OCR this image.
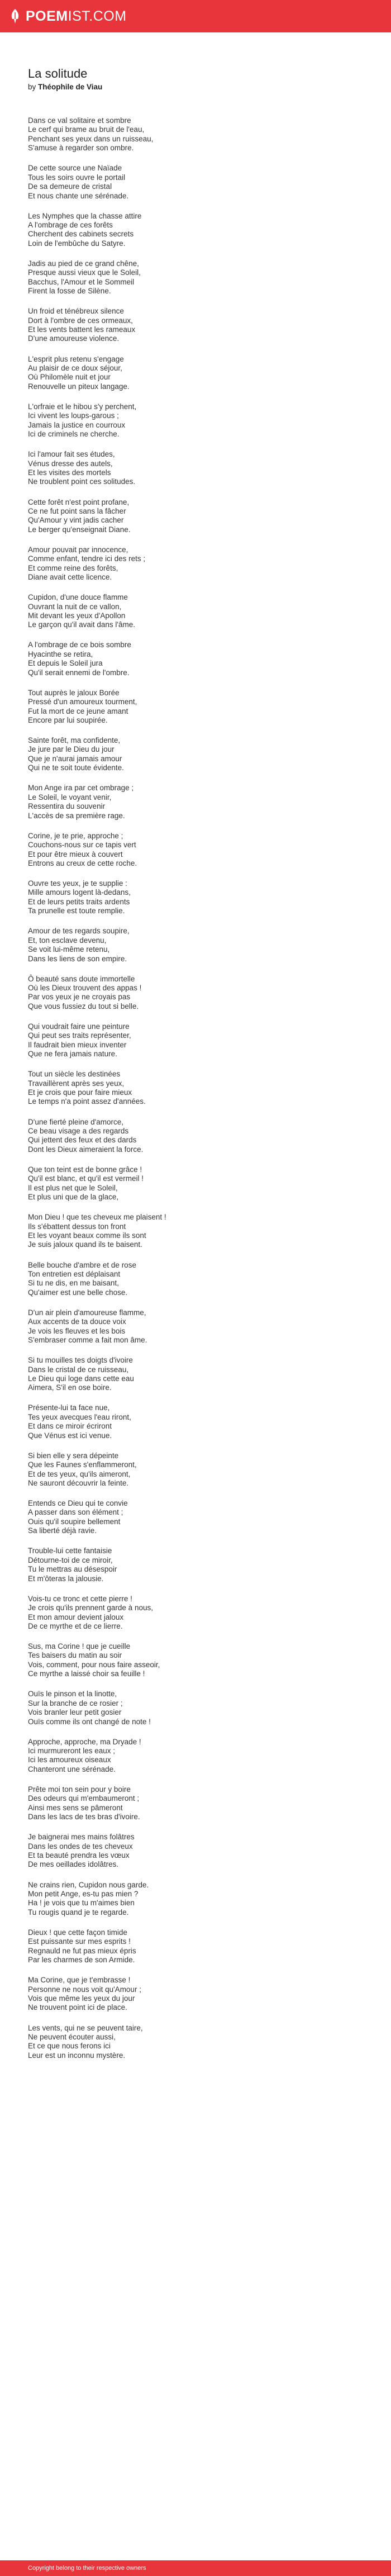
POEMIST.COM
La solitude
by Théophile de Viau
Dans ce val solitaire et sombre
Le cerf qui brame au bruit de l'eau,
Penchant ses yeux dans un ruisseau,
S'amuse à regarder son ombre.
De cette source une Naïade
Tous les soirs ouvre le portail
De sa demeure de cristal
Et nous chante une sérénade.
Les Nymphes que la chasse attire
A l'ombrage de ces forêts
Cherchent des cabinets secrets
Loin de l'embûche du Satyre.
Jadis au pied de ce grand chêne,
Presque aussi vieux que le Soleil,
Bacchus, l'Amour et le Sommeil
Firent la fosse de Silène.
Un froid et ténébreux silence
Dort à l'ombre de ces ormeaux,
Et les vents battent les rameaux
D'une amoureuse violence.
L'esprit plus retenu s'engage
Au plaisir de ce doux séjour,
Où Philomèle nuit et jour
Renouvelle un piteux langage.
L'orfraie et le hibou s'y perchent,
Ici vivent les loups-garous ;
Jamais la justice en courroux
Ici de criminels ne cherche.
Ici l'amour fait ses études,
Vénus dresse des autels,
Et les visites des mortels
Ne troublent point ces solitudes.
Cette forêt n'est point profane,
Ce ne fut point sans la fâcher
Qu'Amour y vint jadis cacher
Le berger qu'enseignait Diane.
Amour pouvait par innocence,
Comme enfant, tendre ici des rets ;
Et comme reine des forêts,
Diane avait cette licence.
Cupidon, d'une douce flamme
Ouvrant la nuit de ce vallon,
Mit devant les yeux d'Apollon
Le garçon qu'il avait dans l'âme.
A l'ombrage de ce bois sombre
Hyacinthe se retira,
Et depuis le Soleil jura
Qu'il serait ennemi de l'ombre.
Tout auprès le jaloux Borée
Pressé d'un amoureux tourment,
Fut la mort de ce jeune amant
Encore par lui soupirée.
Sainte forêt, ma confidente,
Je jure par le Dieu du jour
Que je n'aurai jamais amour
Qui ne te soit toute évidente.
Mon Ange ira par cet ombrage ;
Le Soleil, le voyant venir,
Ressentira du souvenir
L'accès de sa première rage.
Corine, je te prie, approche ;
Couchons-nous sur ce tapis vert
Et pour être mieux à couvert
Entrons au creux de cette roche.
Ouvre tes yeux, je te supplie :
Mille amours logent là-dedans,
Et de leurs petits traits ardents
Ta prunelle est toute remplie.
Amour de tes regards soupire,
Et, ton esclave devenu,
Se voit lui-même retenu,
Dans les liens de son empire.
Ô beauté sans doute immortelle
Où les Dieux trouvent des appas !
Par vos yeux je ne croyais pas
Que vous fussiez du tout si belle.
Qui voudrait faire une peinture
Qui peut ses traits représenter,
Il faudrait bien mieux inventer
Que ne fera jamais nature.
Tout un siècle les destinées
Travaillèrent après ses yeux,
Et je crois que pour faire mieux
Le temps n'a point assez d'années.
D'une fierté pleine d'amorce,
Ce beau visage a des regards
Qui jettent des feux et des dards
Dont les Dieux aimeraient la force.
Que ton teint est de bonne grâce !
Qu'il est blanc, et qu'il est vermeil !
Il est plus net que le Soleil,
Et plus uni que de la glace,
Mon Dieu ! que tes cheveux me plaisent !
Ils s'ébattent dessus ton front
Et les voyant beaux comme ils sont
Je suis jaloux quand ils te baisent.
Belle bouche d'ambre et de rose
Ton entretien est déplaisant
Si tu ne dis, en me baisant,
Qu'aimer est une belle chose.
D'un air plein d'amoureuse flamme,
Aux accents de ta douce voix
Je vois les fleuves et les bois
S'embraser comme a fait mon âme.
Si tu mouilles tes doigts d'ivoire
Dans le cristal de ce ruisseau,
Le Dieu qui loge dans cette eau
Aimera, S'il en ose boire.
Présente-lui ta face nue,
Tes yeux avecques l'eau riront,
Et dans ce miroir écriront
Que Vénus est ici venue.
Si bien elle y sera dépeinte
Que les Faunes s'enflammeront,
Et de tes yeux, qu'ils aimeront,
Ne sauront découvrir la feinte.
Entends ce Dieu qui te convie
A passer dans son élément ;
Ouis qu'il soupire bellement
Sa liberté déjà ravie.
Trouble-lui cette fantaisie
Détourne-toi de ce miroir,
Tu le mettras au désespoir
Et m'ôteras la jalousie.
Vois-tu ce tronc et cette pierre !
Je crois qu'ils prennent garde à nous,
Et mon amour devient jaloux
De ce myrthe et de ce lierre.
Sus, ma Corine ! que je cueille
Tes baisers du matin au soir
Vois, comment, pour nous faire asseoir,
Ce myrthe a laissé choir sa feuille !
Ouïs le pinson et la linotte,
Sur la branche de ce rosier ;
Vois branler leur petit gosier
Ouïs comme ils ont changé de note !
Approche, approche, ma Dryade !
Ici murmureront les eaux ;
Ici les amoureux oiseaux
Chanteront une sérénade.
Prête moi ton sein pour y boire
Des odeurs qui m'embaumeront ;
Ainsi mes sens se pâmeront
Dans les lacs de tes bras d'ivoire.
Je baignerai mes mains folâtres
Dans les ondes de tes cheveux
Et ta beauté prendra les vœux
De mes oeillades idolâtres.
Ne crains rien, Cupidon nous garde.
Mon petit Ange, es-tu pas mien ?
Ha ! je vois que tu m'aimes bien
Tu rougis quand je te regarde.
Dieux ! que cette façon timide
Est puissante sur mes esprits !
Regnauld ne fut pas mieux épris
Par les charmes de son Armide.
Ma Corine, que je t'embrasse !
Personne ne nous voit qu'Amour ;
Vois que même les yeux du jour
Ne trouvent point ici de place.
Les vents, qui ne se peuvent taire,
Ne peuvent écouter aussi,
Et ce que nous ferons ici
Leur est un inconnu mystère.
Copyright belong to their respective owners
